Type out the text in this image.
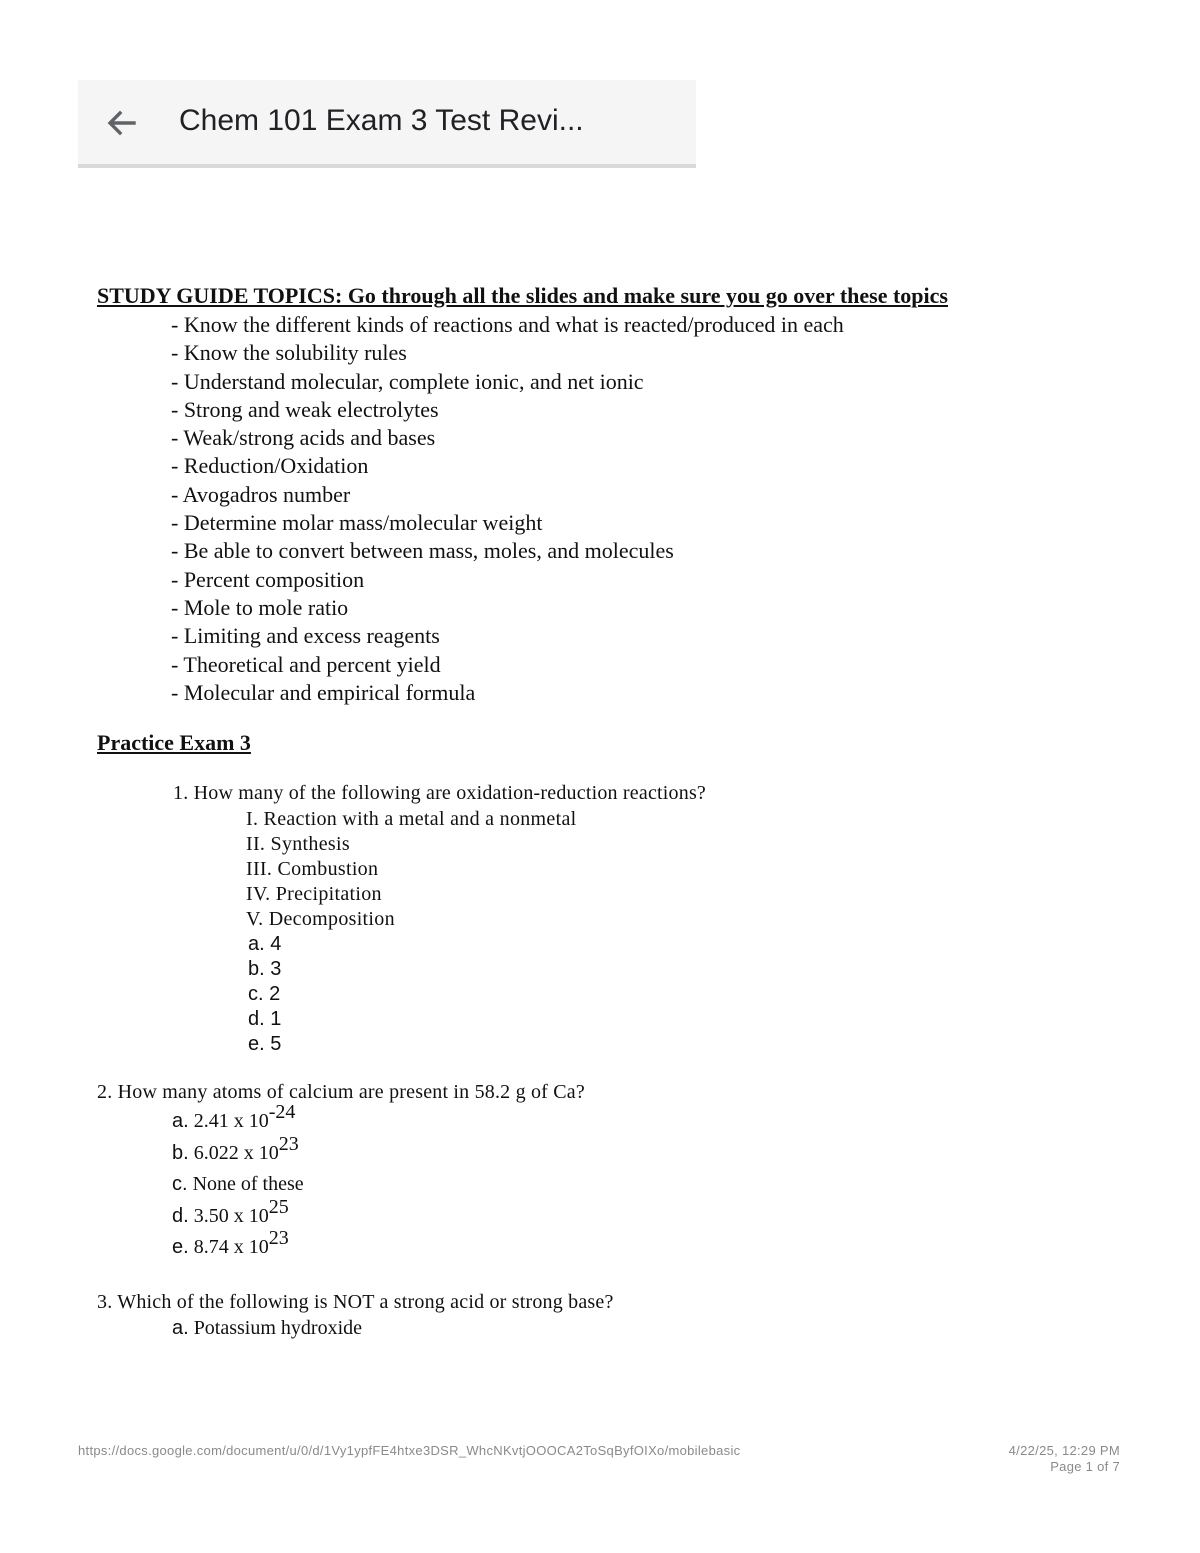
Chem 101 Exam 3 Test Revi...
STUDY GUIDE TOPICS: Go through all the slides and make sure you go over these topics
- Know the different kinds of reactions and what is reacted/produced in each
- Know the solubility rules
- Understand molecular, complete ionic, and net ionic
- Strong and weak electrolytes
- Weak/strong acids and bases
- Reduction/Oxidation
- Avogadros number
- Determine molar mass/molecular weight
- Be able to convert between mass, moles, and molecules
- Percent composition
- Mole to mole ratio
- Limiting and excess reagents
- Theoretical and percent yield
- Molecular and empirical formula
Practice Exam 3
1. How many of the following are oxidation-reduction reactions?
I. Reaction with a metal and a nonmetal
II. Synthesis
III. Combustion
IV. Precipitation
V. Decomposition
a. 4
b. 3
c. 2
d. 1
e. 5
2. How many atoms of calcium are present in 58.2 g of Ca?
a. 2.41 x $10^{-24}$
b. 6.022 x $10^{23}$
c. None of these
d. 3.50 x $10^{25}$
e. 8.74 x $10^{23}$
3. Which of the following is NOT a strong acid or strong base?
a. Potassium hydroxide
https://docs.google.com/document/u/0/d/1Vy1ypfFE4htxe3DSR_WhcNKvtjOOOCA2ToSqByfOIXo/mobilebasic	4/22/25, 12:29 PM
Page 1 of 7
